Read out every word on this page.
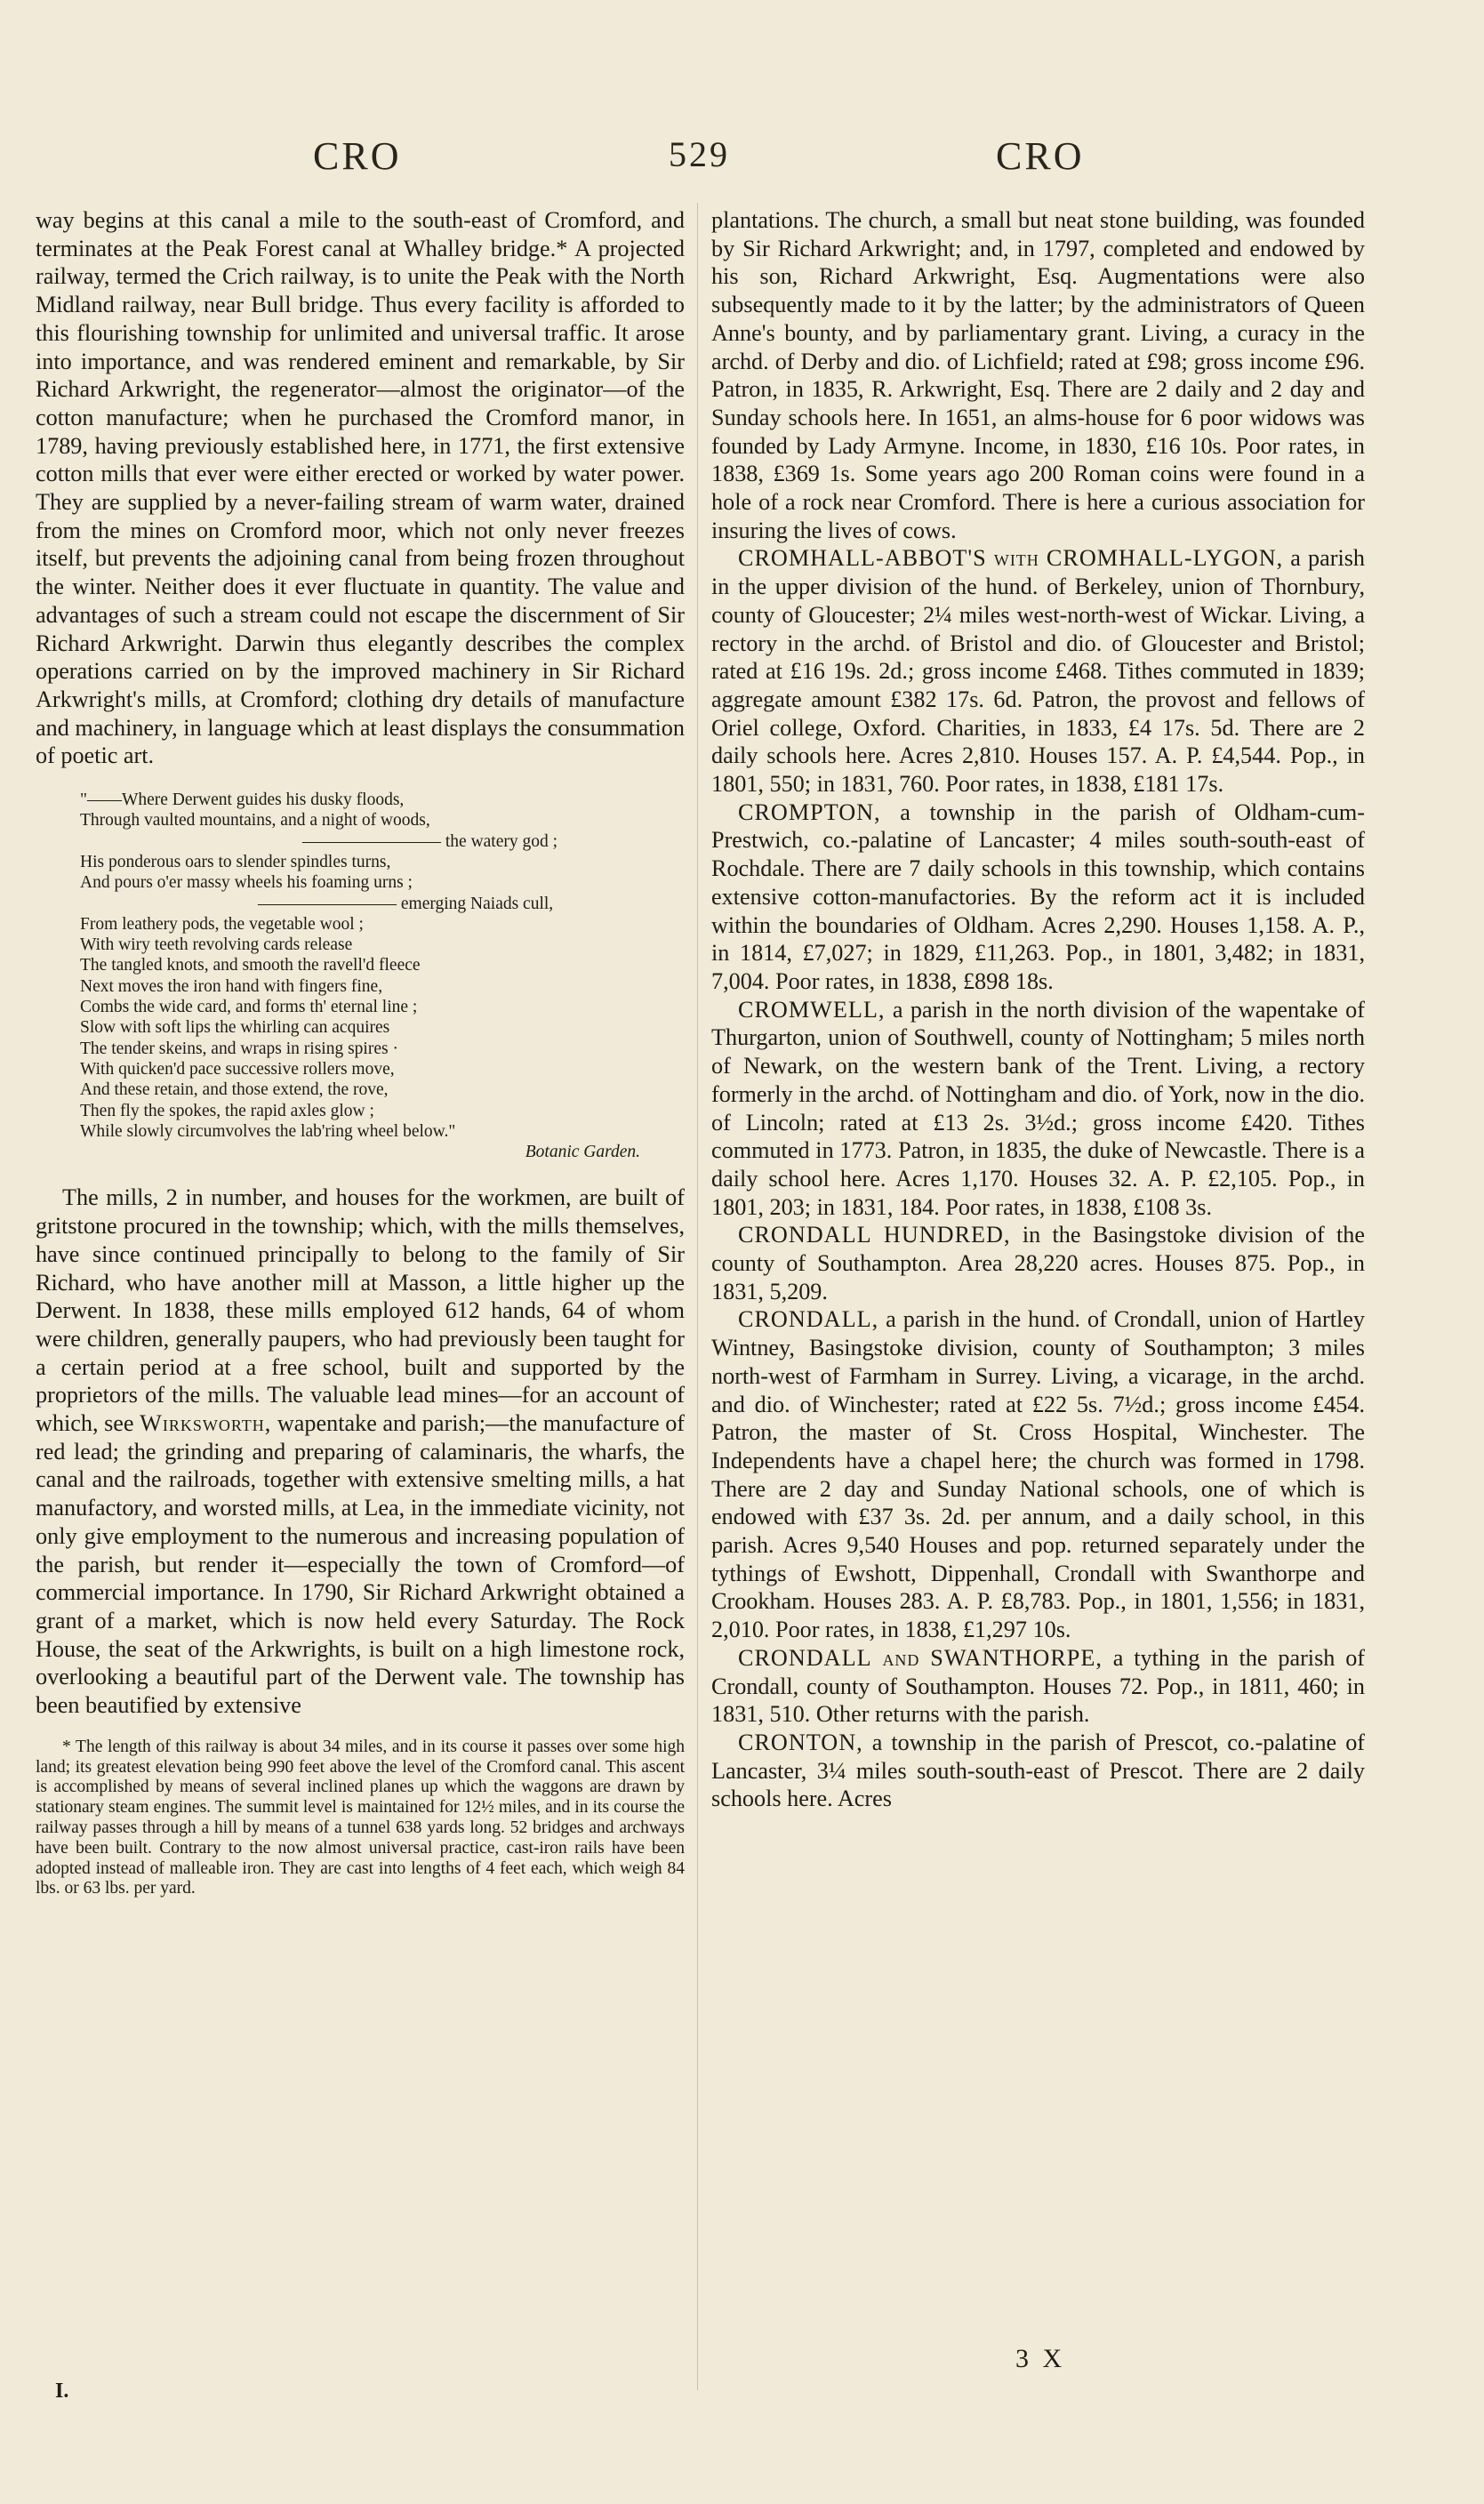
CRO	529	CRO

way begins at this canal a mile to the south-east of Cromford, and terminates at the Peak Forest canal at Whalley bridge.* A projected railway, termed the Crich railway, is to unite the Peak with the North Midland railway, near Bull bridge. Thus every facility is afforded to this flourishing township for unlimited and universal traffic. It arose into importance, and was rendered eminent and remarkable, by Sir Richard Arkwright, the regenerator—almost the originator—of the cotton manufacture; when he purchased the Cromford manor, in 1789, having previously established here, in 1771, the first extensive cotton mills that ever were either erected or worked by water power. They are supplied by a never-failing stream of warm water, drained from the mines on Cromford moor, which not only never freezes itself, but prevents the adjoining canal from being frozen throughout the winter. Neither does it ever fluctuate in quantity. The value and advantages of such a stream could not escape the discernment of Sir Richard Arkwright. Darwin thus elegantly describes the complex operations carried on by the improved machinery in Sir Richard Arkwright's mills, at Cromford; clothing dry details of manufacture and machinery, in language which at least displays the consummation of poetic art.

"——Where Derwent guides his dusky floods,
Through vaulted mountains, and a night of woods,
———————— the watery god ;
His ponderous oars to slender spindles turns,
And pours o'er massy wheels his foaming urns ;
———————— emerging Naiads cull,
From leathery pods, the vegetable wool ;
With wiry teeth revolving cards release
The tangled knots, and smooth the ravell'd fleece
Next moves the iron hand with fingers fine,
Combs the wide card, and forms th' eternal line ;
Slow with soft lips the whirling can acquires
The tender skeins, and wraps in rising spires ·
With quicken'd pace successive rollers move,
And these retain, and those extend, the rove,
Then fly the spokes, the rapid axles glow ;
While slowly circumvolves the lab'ring wheel below."
Botanic Garden.

The mills, 2 in number, and houses for the workmen, are built of gritstone procured in the township; which, with the mills themselves, have since continued principally to belong to the family of Sir Richard, who have another mill at Masson, a little higher up the Derwent. In 1838, these mills employed 612 hands, 64 of whom were children, generally paupers, who had previously been taught for a certain period at a free school, built and supported by the proprietors of the mills. The valuable lead mines—for an account of which, see Wirksworth, wapentake and parish;—the manufacture of red lead; the grinding and preparing of calaminaris, the wharfs, the canal and the railroads, together with extensive smelting mills, a hat manufactory, and worsted mills, at Lea, in the immediate vicinity, not only give employment to the numerous and increasing population of the parish, but render it—especially the town of Cromford—of commercial importance. In 1790, Sir Richard Arkwright obtained a grant of a market, which is now held every Saturday. The Rock House, the seat of the Arkwrights, is built on a high limestone rock, overlooking a beautiful part of the Derwent vale. The township has been beautified by extensive

* The length of this railway is about 34 miles, and in its course it passes over some high land; its greatest elevation being 990 feet above the level of the Cromford canal. This ascent is accomplished by means of several inclined planes up which the waggons are drawn by stationary steam engines. The summit level is maintained for 12½ miles, and in its course the railway passes through a hill by means of a tunnel 638 yards long. 52 bridges and archways have been built. Contrary to the now almost universal practice, cast-iron rails have been adopted instead of malleable iron. They are cast into lengths of 4 feet each, which weigh 84 lbs. or 63 lbs. per yard.

I.

plantations. The church, a small but neat stone building, was founded by Sir Richard Arkwright; and, in 1797, completed and endowed by his son, Richard Arkwright, Esq. Augmentations were also subsequently made to it by the latter; by the administrators of Queen Anne's bounty, and by parliamentary grant. Living, a curacy in the archd. of Derby and dio. of Lichfield; rated at £98; gross income £96. Patron, in 1835, R. Arkwright, Esq. There are 2 daily and 2 day and Sunday schools here. In 1651, an alms-house for 6 poor widows was founded by Lady Armyne. Income, in 1830, £16 10s. Poor rates, in 1838, £369 1s. Some years ago 200 Roman coins were found in a hole of a rock near Cromford. There is here a curious association for insuring the lives of cows.

CROMHALL-ABBOT'S with CROMHALL-LYGON, a parish in the upper division of the hund. of Berkeley, union of Thornbury, county of Gloucester; 2¼ miles west-north-west of Wickar. Living, a rectory in the archd. of Bristol and dio. of Gloucester and Bristol; rated at £16 19s. 2d.; gross income £468. Tithes commuted in 1839; aggregate amount £382 17s. 6d. Patron, the provost and fellows of Oriel college, Oxford. Charities, in 1833, £4 17s. 5d. There are 2 daily schools here. Acres 2,810. Houses 157. A. P. £4,544. Pop., in 1801, 550; in 1831, 760. Poor rates, in 1838, £181 17s.

CROMPTON, a township in the parish of Oldham-cum-Prestwich, co.-palatine of Lancaster; 4 miles south-south-east of Rochdale. There are 7 daily schools in this township, which contains extensive cotton-manufactories. By the reform act it is included within the boundaries of Oldham. Acres 2,290. Houses 1,158. A. P., in 1814, £7,027; in 1829, £11,263. Pop., in 1801, 3,482; in 1831, 7,004. Poor rates, in 1838, £898 18s.

CROMWELL, a parish in the north division of the wapentake of Thurgarton, union of Southwell, county of Nottingham; 5 miles north of Newark, on the western bank of the Trent. Living, a rectory formerly in the archd. of Nottingham and dio. of York, now in the dio. of Lincoln; rated at £13 2s. 3½d.; gross income £420. Tithes commuted in 1773. Patron, in 1835, the duke of Newcastle. There is a daily school here. Acres 1,170. Houses 32. A. P. £2,105. Pop., in 1801, 203; in 1831, 184. Poor rates, in 1838, £108 3s.

CRONDALL HUNDRED, in the Basingstoke division of the county of Southampton. Area 28,220 acres. Houses 875. Pop., in 1831, 5,209.

CRONDALL, a parish in the hund. of Crondall, union of Hartley Wintney, Basingstoke division, county of Southampton; 3 miles north-west of Farmham in Surrey. Living, a vicarage, in the archd. and dio. of Winchester; rated at £22 5s. 7½d.; gross income £454. Patron, the master of St. Cross Hospital, Winchester. The Independents have a chapel here; the church was formed in 1798. There are 2 day and Sunday National schools, one of which is endowed with £37 3s. 2d. per annum, and a daily school, in this parish. Acres 9,540 Houses and pop. returned separately under the tythings of Ewshott, Dippenhall, Crondall with Swanthorpe and Crookham. Houses 283. A. P. £8,783. Pop., in 1801, 1,556; in 1831, 2,010. Poor rates, in 1838, £1,297 10s.

CRONDALL and SWANTHORPE, a tything in the parish of Crondall, county of Southampton. Houses 72. Pop., in 1811, 460; in 1831, 510. Other returns with the parish.

CRONTON, a township in the parish of Prescot, co.-palatine of Lancaster, 3¼ miles south-south-east of Prescot. There are 2 daily schools here. Acres

3 X
